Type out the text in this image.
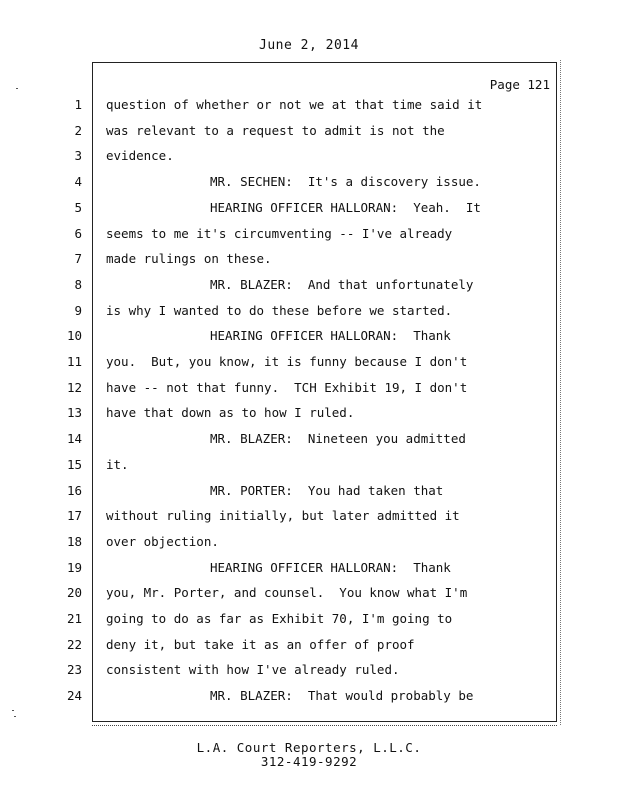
June 2, 2014
Page 121
1 question of whether or not we at that time said it
2 was relevant to a request to admit is not the
3 evidence.
4	MR. SECHEN:  It's a discovery issue.
5	HEARING OFFICER HALLORAN:  Yeah.  It
6 seems to me it's circumventing -- I've already
7 made rulings on these.
8	MR. BLAZER:  And that unfortunately
9 is why I wanted to do these before we started.
10	HEARING OFFICER HALLORAN:  Thank
11 you.  But, you know, it is funny because I don't
12 have -- not that funny.  TCH Exhibit 19, I don't
13 have that down as to how I ruled.
14	MR. BLAZER:  Nineteen you admitted
15 it.
16	MR. PORTER:  You had taken that
17 without ruling initially, but later admitted it
18 over objection.
19	HEARING OFFICER HALLORAN:  Thank
20 you, Mr. Porter, and counsel.  You know what I'm
21 going to do as far as Exhibit 70, I'm going to
22 deny it, but take it as an offer of proof
23 consistent with how I've already ruled.
24	MR. BLAZER:  That would probably be
L.A. Court Reporters, L.L.C.
312-419-9292
